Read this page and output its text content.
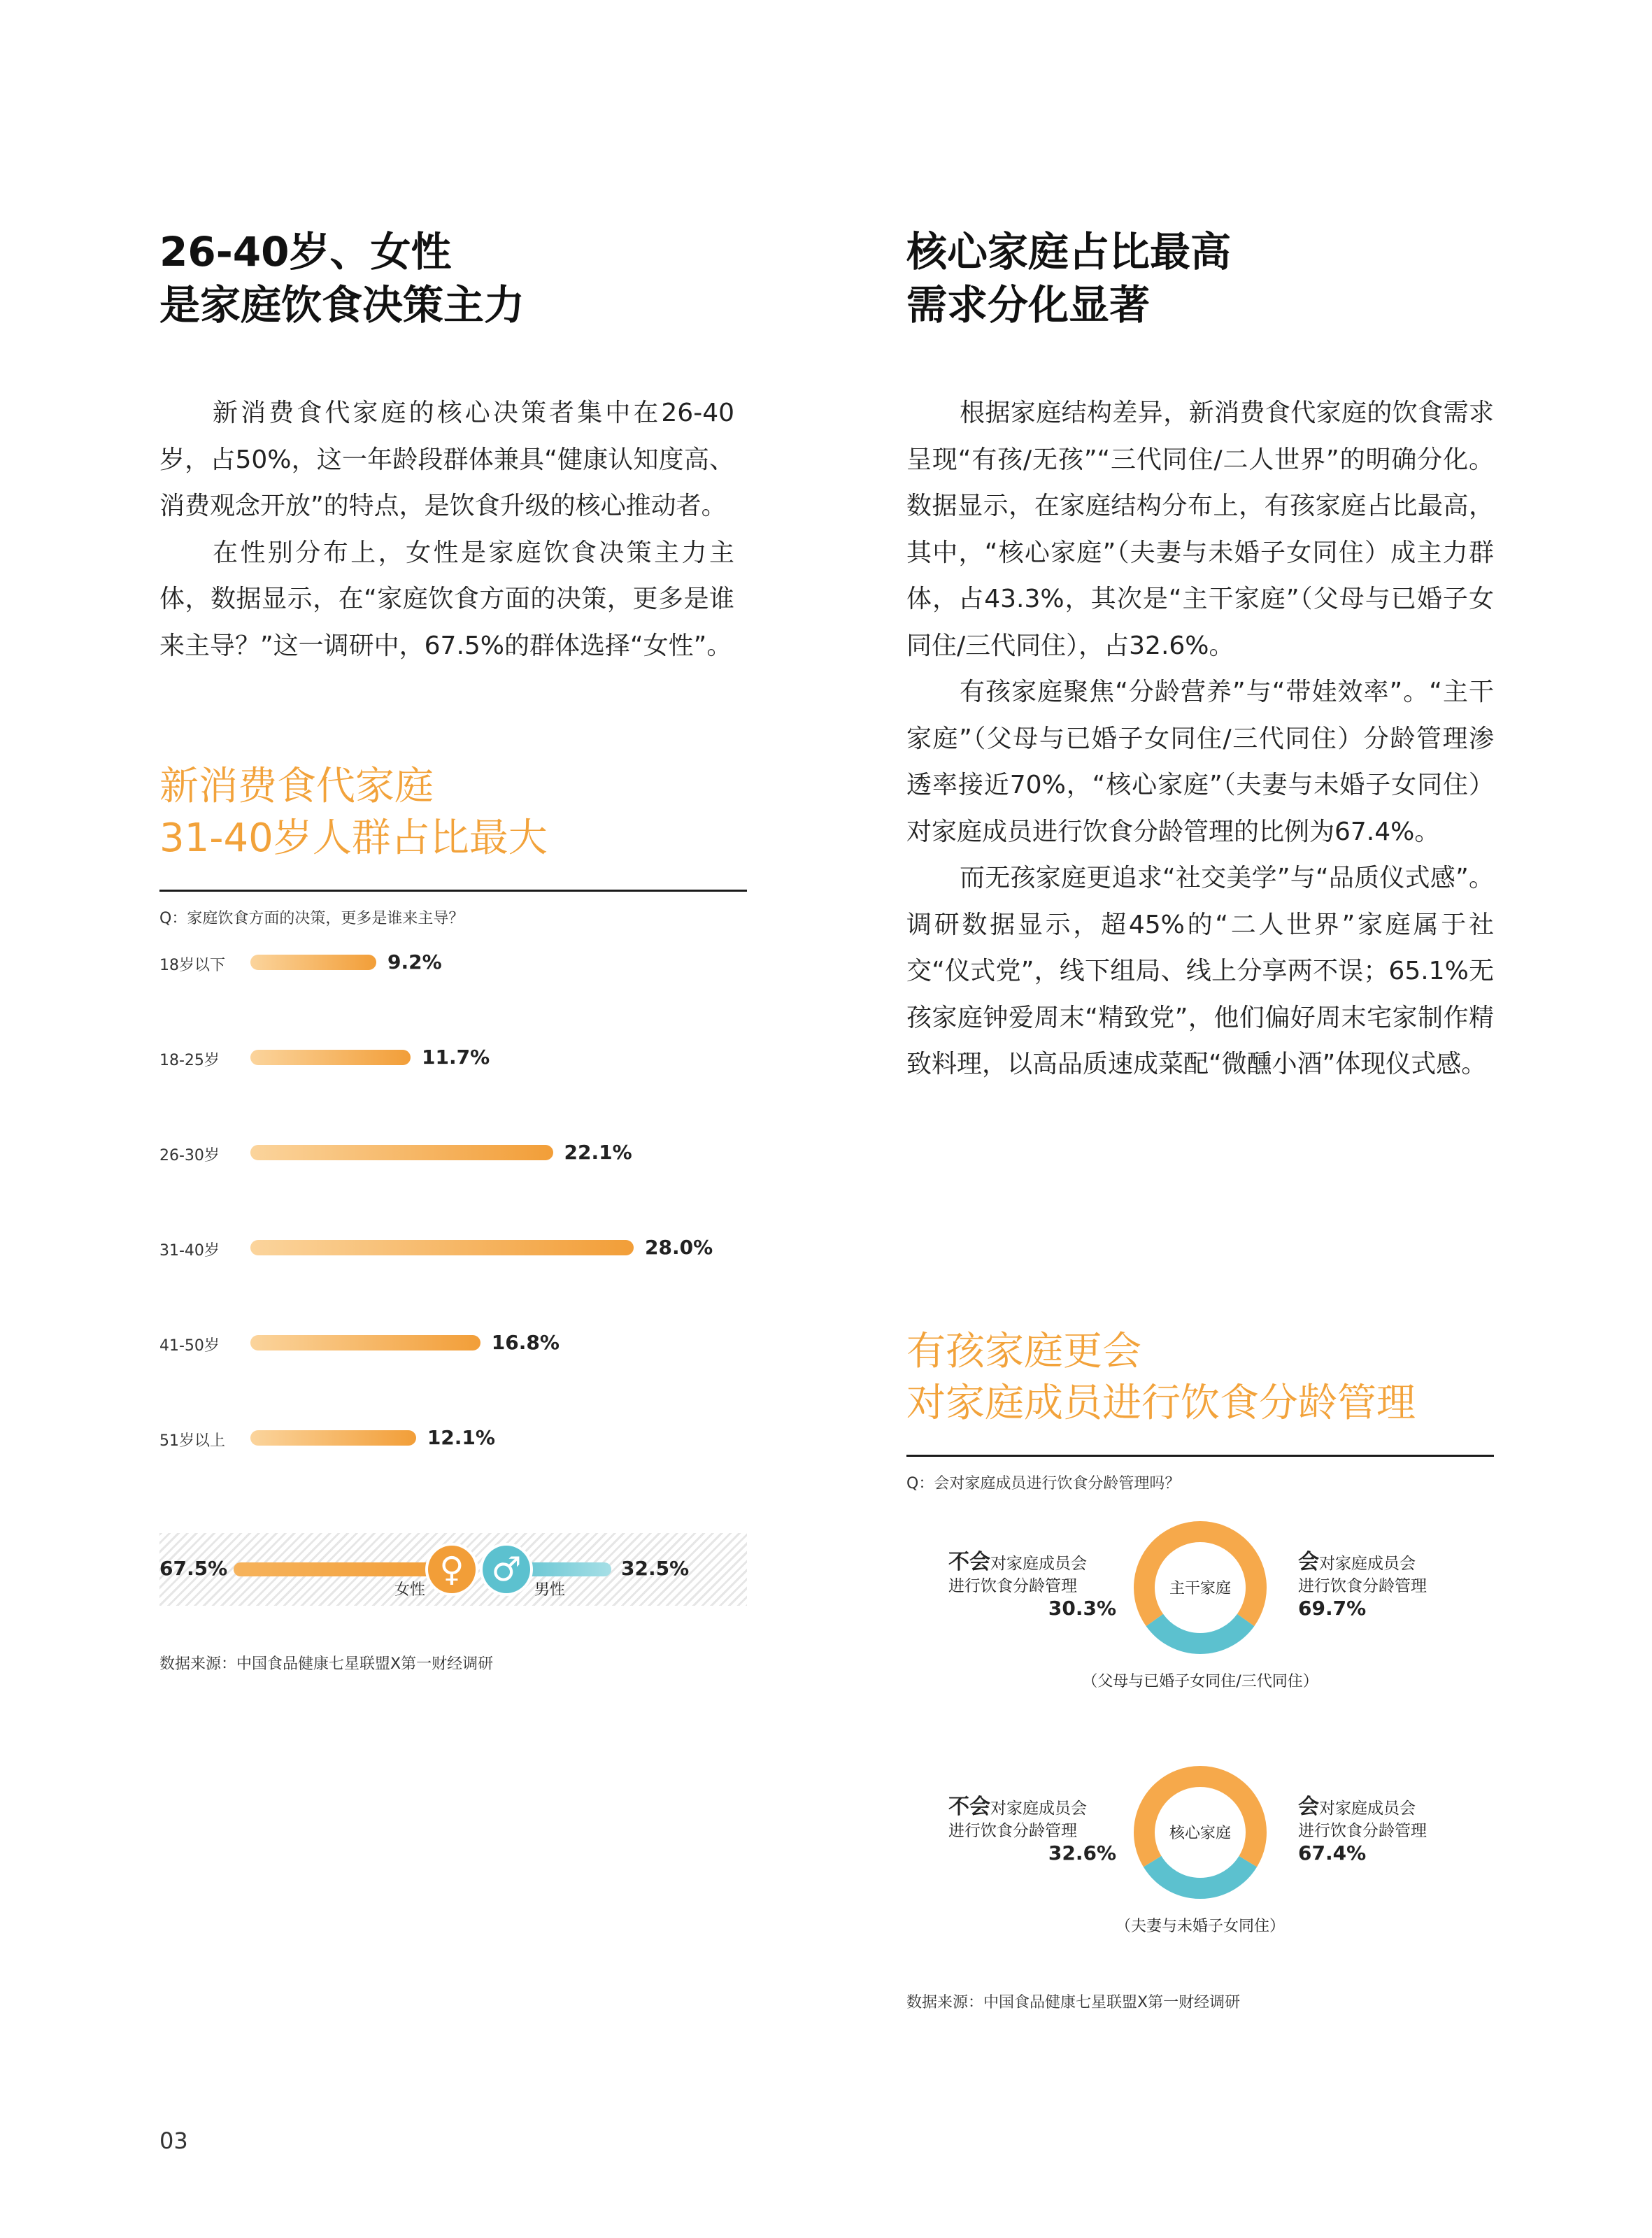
26-40岁、女性
是家庭饮食决策主力

新消费食代家庭的核心决策者集中在26-40岁，占50%，这一年龄段群体兼具“健康认知度高、消费观念开放”的特点，是饮食升级的核心推动者。

在性别分布上，女性是家庭饮食决策主力主体，数据显示，在“家庭饮食方面的决策，更多是谁来主导？”这一调研中，67.5%的群体选择“女性”。

新消费食代家庭
31-40岁人群占比最大
Q：家庭饮食方面的决策，更多是谁来主导？
18岁以下	9.2%
18-25岁	11.7%
26-30岁	22.1%
31-40岁	28.0%
41-50岁	16.8%
51岁以上	12.1%
67.5%	32.5%
♀ ♂
女性	男性
数据来源：中国食品健康七星联盟X第一财经调研
核心家庭占比最高
需求分化显著

根据家庭结构差异，新消费食代家庭的饮食需求呈现“有孩/无孩”“三代同住/二人世界”的明确分化。数据显示，在家庭结构分布上，有孩家庭占比最高，其中，“核心家庭”（夫妻与未婚子女同住）成主力群体，占43.3%，其次是“主干家庭”（父母与已婚子女同住/三代同住），占32.6%。

有孩家庭聚焦“分龄营养”与“带娃效率”。“主干家庭”（父母与已婚子女同住/三代同住）分龄管理渗透率接近70%，“核心家庭”（夫妻与未婚子女同住）对家庭成员进行饮食分龄管理的比例为67.4%。

而无孩家庭更追求“社交美学”与“品质仪式感”。调研数据显示，超45%的“二人世界”家庭属于社交“仪式党”，线下组局、线上分享两不误；65.1%无孩家庭钟爱周末“精致党”，他们偏好周末宅家制作精致料理，以高品质速成菜配“微醺小酒”体现仪式感。

有孩家庭更会
对家庭成员进行饮食分龄管理
Q：会对家庭成员进行饮食分龄管理吗？
主干家庭
不会对家庭成员会
进行饮食分龄管理

30.3%
会对家庭成员会
进行饮食分龄管理

69.7%
（父母与已婚子女同住/三代同住）
核心家庭
不会对家庭成员会
进行饮食分龄管理

32.6%
会对家庭成员会
进行饮食分龄管理

67.4%
（夫妻与未婚子女同住）
数据来源：中国食品健康七星联盟X第一财经调研
03
